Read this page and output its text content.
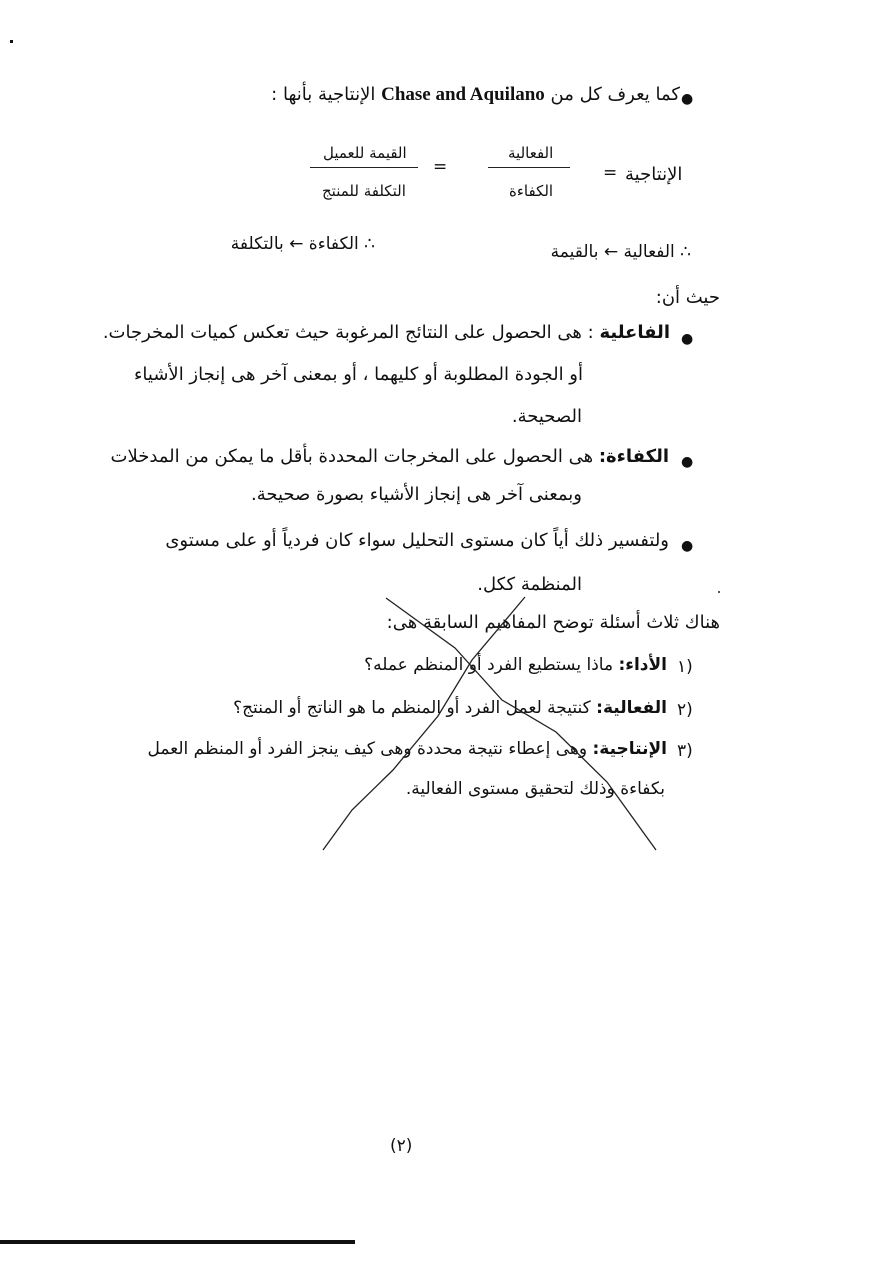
●
كما يعرف كل من Chase and Aquilano الإنتاجية بأنها :
الإنتاجية
=
الفعالية
الكفاءة
=
القيمة للعميل
التكلفة للمنتج
∴ الفعالية ← بالقيمة
∴ الكفاءة ← بالتكلفة
حيث أن:
●
الفاعلية : هى الحصول على النتائج المرغوبة حيث تعكس كميات المخرجات.
أو الجودة المطلوبة أو كليهما ، أو بمعنى آخر هى إنجاز الأشياء
الصحيحة.
●
الكفاءة: هى الحصول على المخرجات المحددة بأقل ما يمكن من المدخلات
وبمعنى آخر هى إنجاز الأشياء بصورة صحيحة.
●
ولتفسير ذلك أياً كان مستوى التحليل سواء كان فردياً أو على مستوى
المنظمة ككل.
هناك ثلاث أسئلة توضح المفاهيم السابقة هى:
١)
الأداء: ماذا يستطيع الفرد أو المنظم عمله؟
٢)
الفعالية: كنتيجة لعمل الفرد أو المنظم ما هو الناتج أو المنتج؟
٣)
الإنتاجية: وهى إعطاء نتيجة محددة وهى كيف ينجز الفرد أو المنظم العمل
بكفاءة وذلك لتحقيق مستوى الفعالية.
(٢)
